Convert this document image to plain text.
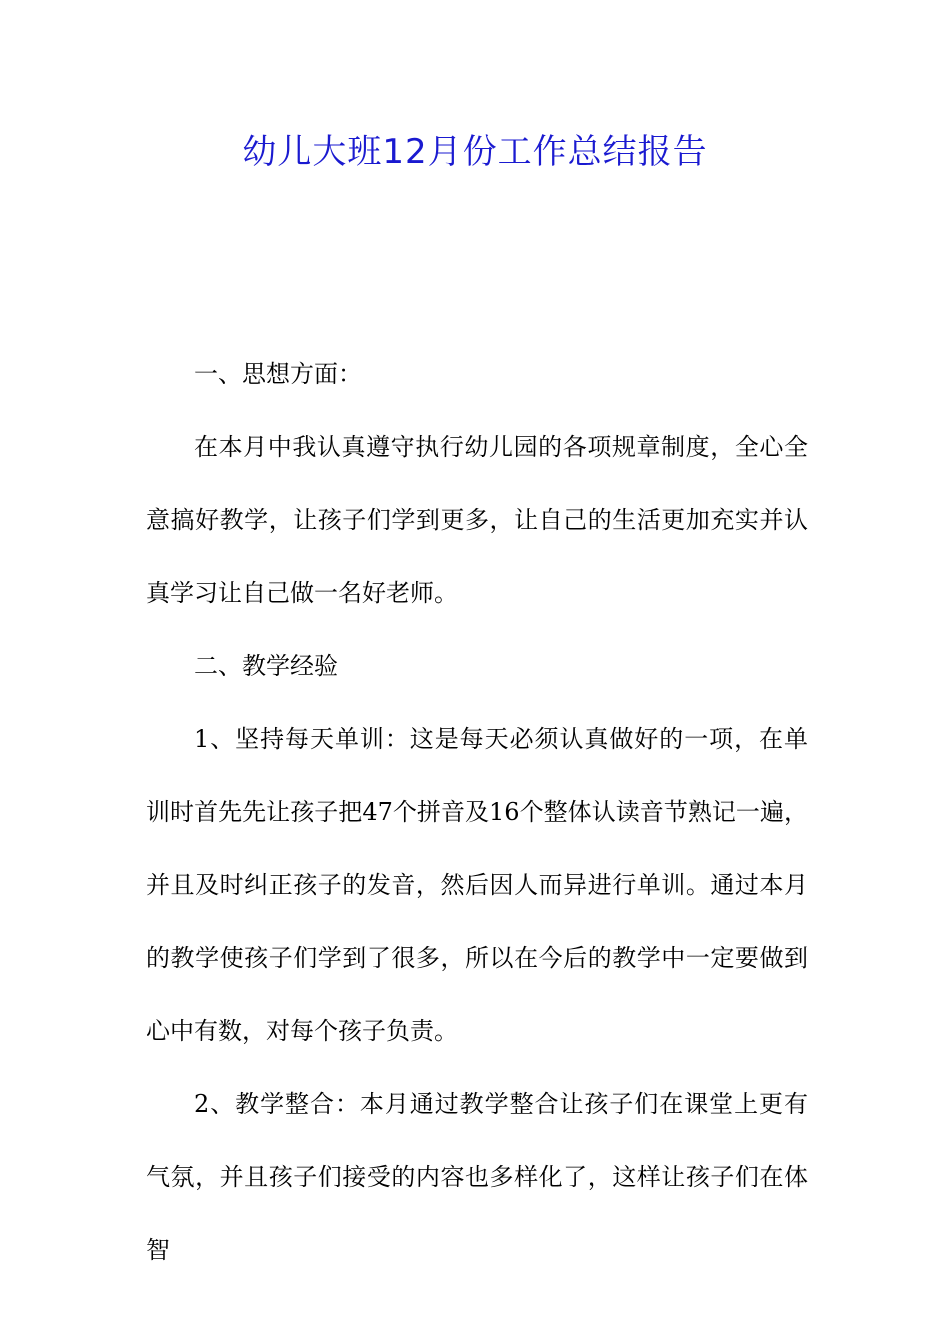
幼儿大班12月份工作总结报告

一、思想方面：

在本月中我认真遵守执行幼儿园的各项规章制度，全心全意搞好教学，让孩子们学到更多，让自己的生活更加充实并认真学习让自己做一名好老师。

二、教学经验

1、坚持每天单训：这是每天必须认真做好的一项，在单训时首先先让孩子把47个拼音及16个整体认读音节熟记一遍，并且及时纠正孩子的发音，然后因人而异进行单训。通过本月的教学使孩子们学到了很多，所以在今后的教学中一定要做到心中有数，对每个孩子负责。

2、教学整合：本月通过教学整合让孩子们在课堂上更有气氛，并且孩子们接受的内容也多样化了，这样让孩子们在体智
